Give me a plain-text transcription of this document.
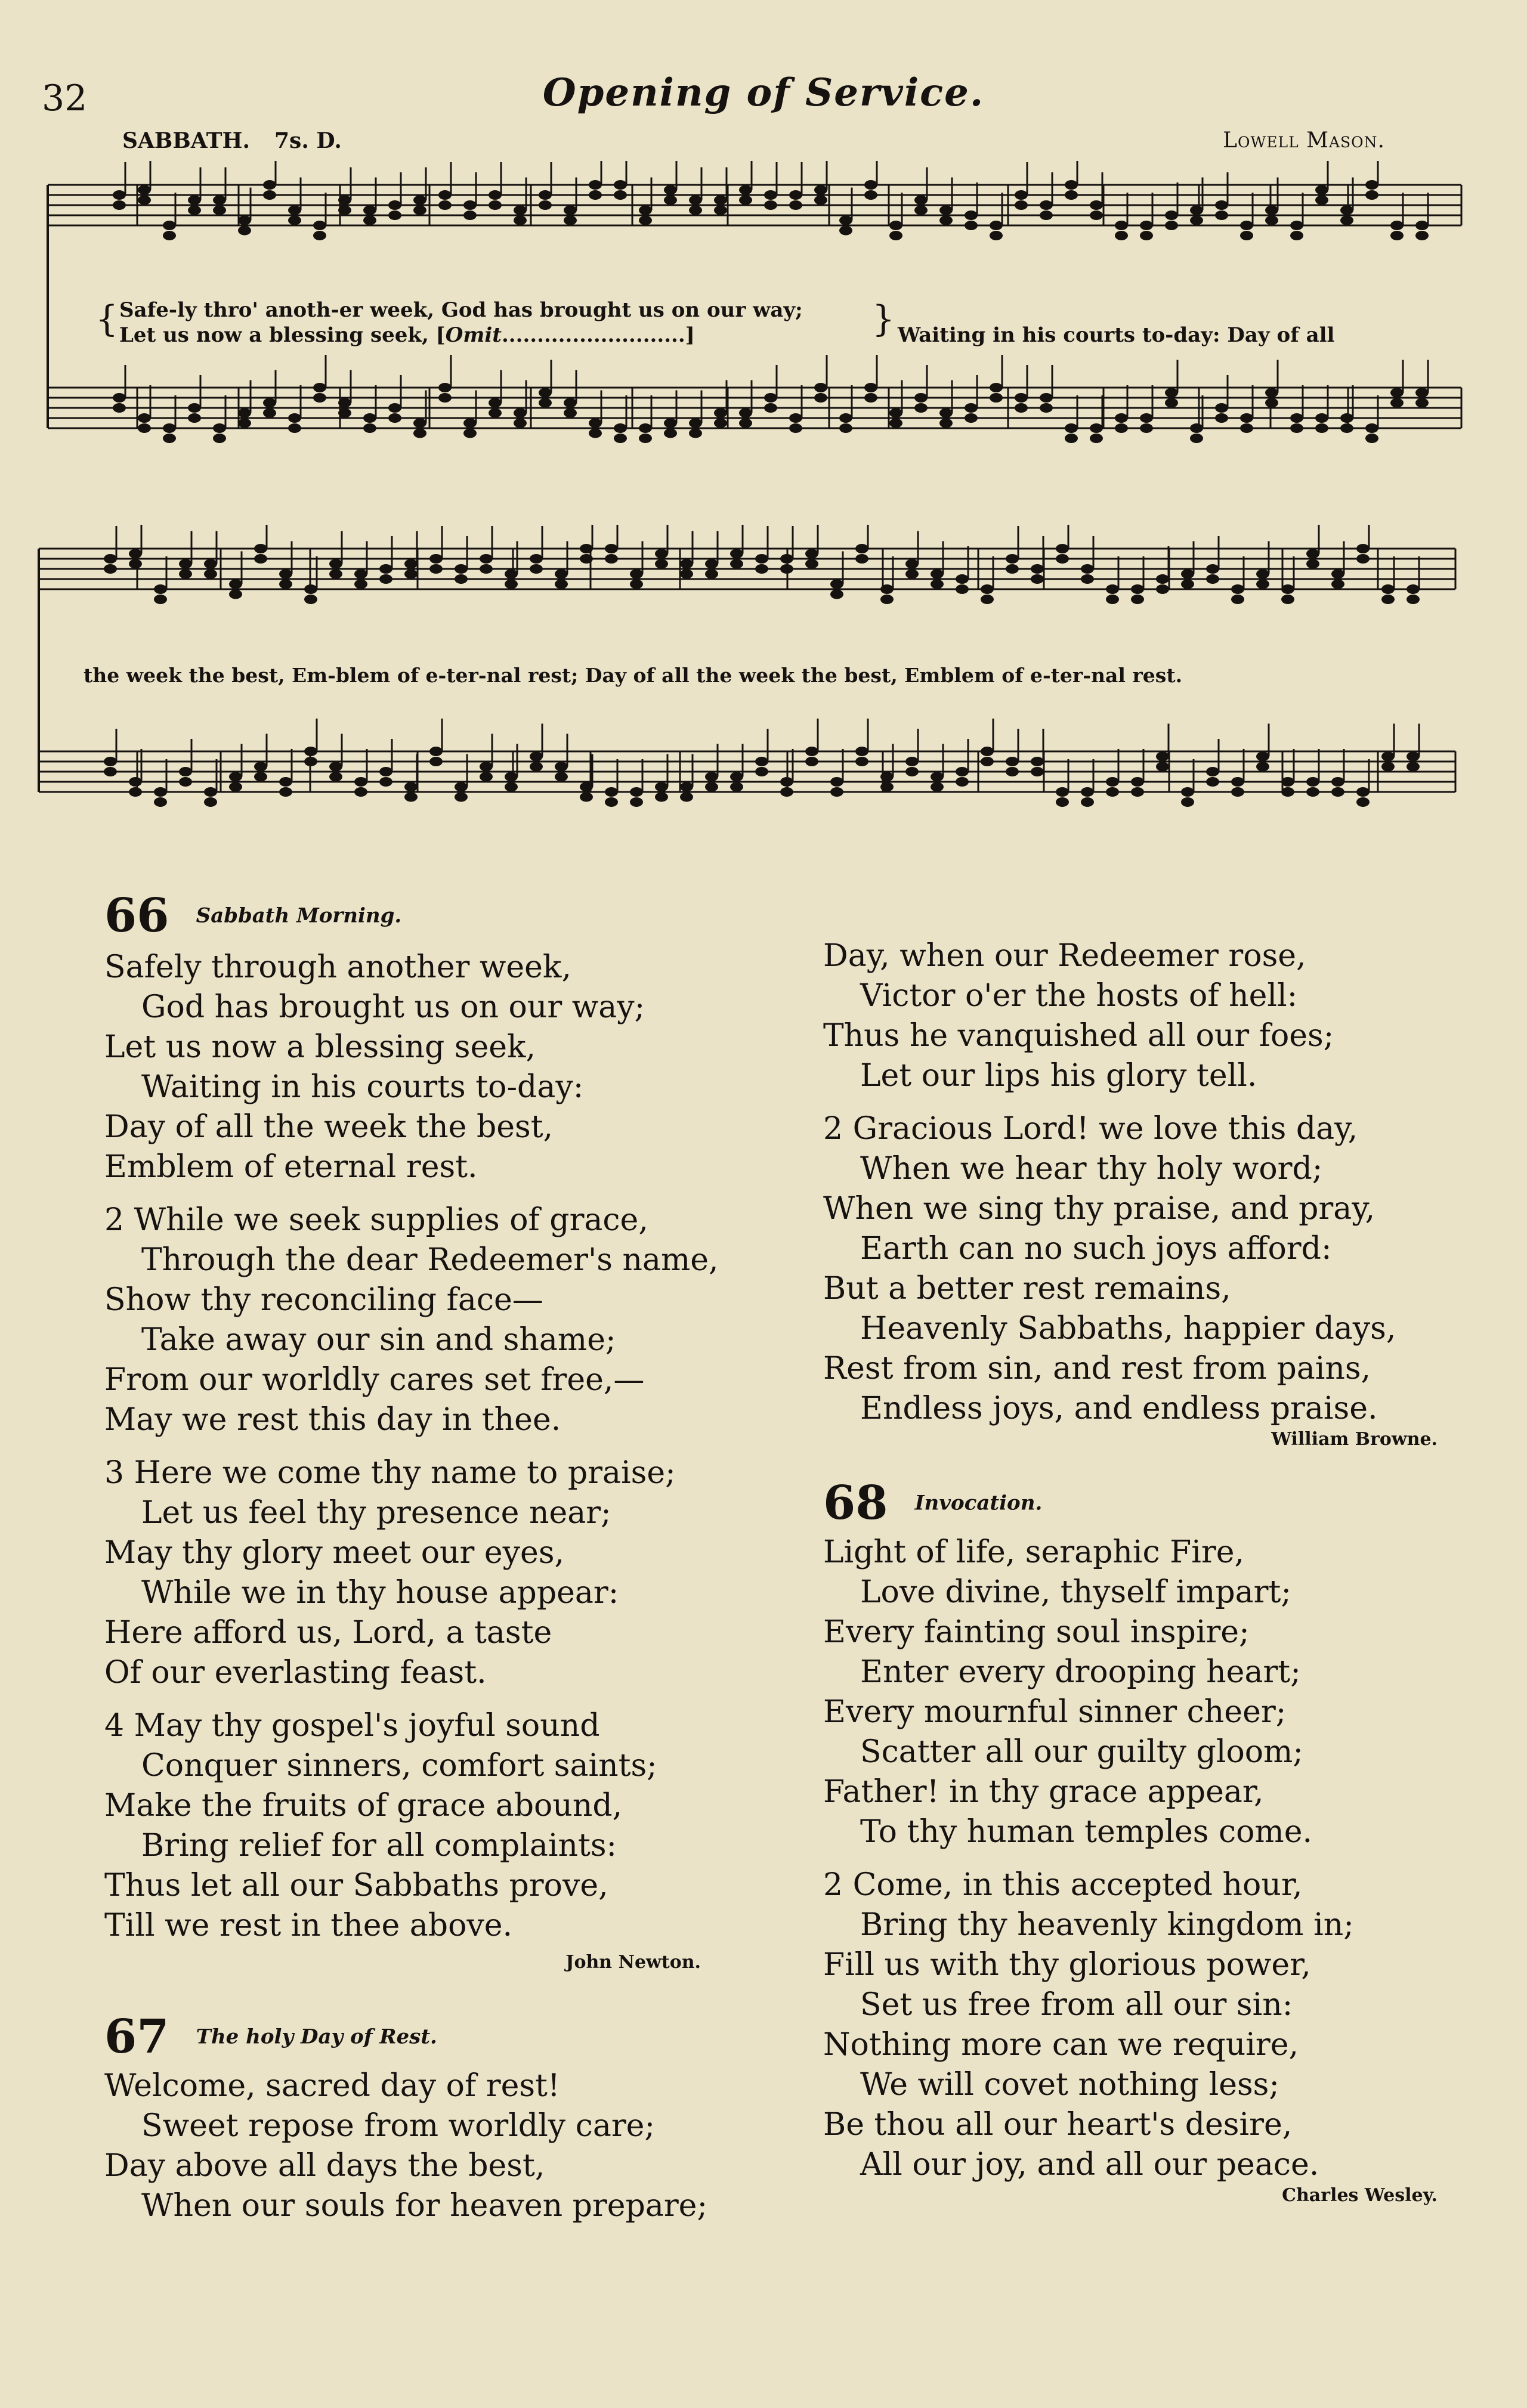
32	Opening of Service.
SABBATH. 7s. D.	Lowell Mason.
{ Safe-ly thro' anoth-er week, God has brought us on our way;
Let us now a blessing seek, [Omit..........................]	} Waiting in his courts to-day: Day of all
the week the best, Em-blem of e-ter-nal rest; Day of all the week the best, Emblem of e-ter-nal rest.
66 Sabbath Morning.
Safely through another week,
God has brought us on our way;
Let us now a blessing seek,
Waiting in his courts to-day:
Day of all the week the best,
Emblem of eternal rest.
2 While we seek supplies of grace,
Through the dear Redeemer's name,
Show thy reconciling face—
Take away our sin and shame;
From our worldly cares set free,—
May we rest this day in thee.
3 Here we come thy name to praise;
Let us feel thy presence near;
May thy glory meet our eyes,
While we in thy house appear:
Here afford us, Lord, a taste
Of our everlasting feast.
4 May thy gospel's joyful sound
Conquer sinners, comfort saints;
Make the fruits of grace abound,
Bring relief for all complaints:
Thus let all our Sabbaths prove,
Till we rest in thee above.
John Newton.
67 The holy Day of Rest.
Welcome, sacred day of rest!
Sweet repose from worldly care;
Day above all days the best,
When our souls for heaven prepare;
Day, when our Redeemer rose,
Victor o'er the hosts of hell:
Thus he vanquished all our foes;
Let our lips his glory tell.
2 Gracious Lord! we love this day,
When we hear thy holy word;
When we sing thy praise, and pray,
Earth can no such joys afford:
But a better rest remains,
Heavenly Sabbaths, happier days,
Rest from sin, and rest from pains,
Endless joys, and endless praise.
William Browne.
68 Invocation.
Light of life, seraphic Fire,
Love divine, thyself impart;
Every fainting soul inspire;
Enter every drooping heart;
Every mournful sinner cheer;
Scatter all our guilty gloom;
Father! in thy grace appear,
To thy human temples come.
2 Come, in this accepted hour,
Bring thy heavenly kingdom in;
Fill us with thy glorious power,
Set us free from all our sin:
Nothing more can we require,
We will covet nothing less;
Be thou all our heart's desire,
All our joy, and all our peace.
Charles Wesley.
